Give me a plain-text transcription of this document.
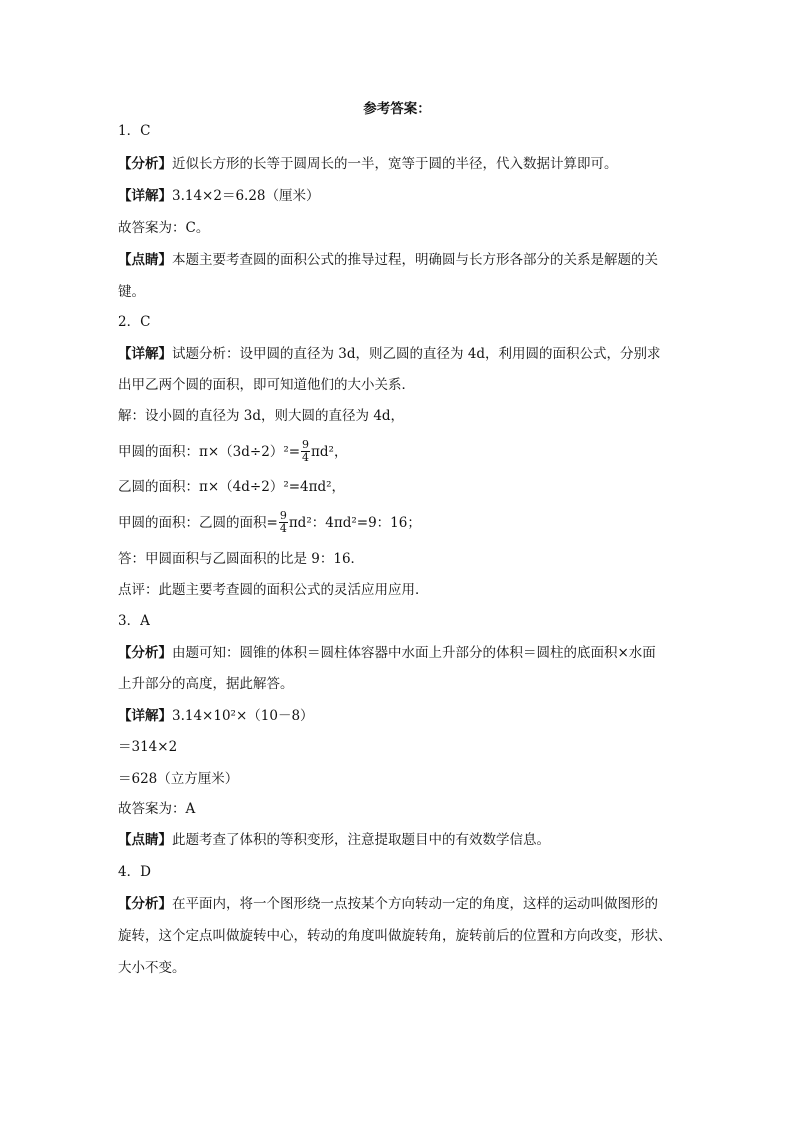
参考答案：
1．C
【分析】近似长方形的长等于圆周长的一半，宽等于圆的半径，代入数据计算即可。
【详解】3.14×2＝6.28（厘米）
故答案为：C。
【点睛】本题主要考查圆的面积公式的推导过程，明确圆与长方形各部分的关系是解题的关
键。
2．C
【详解】试题分析：设甲圆的直径为 3d，则乙圆的直径为 4d，利用圆的面积公式，分别求
出甲乙两个圆的面积，即可知道他们的大小关系．
解：设小圆的直径为 3d，则大圆的直径为 4d，
甲圆的面积：$\pi\times(3d\div 2)^2= \frac{9}{4} \pi d^2$，
乙圆的面积：π×（4d÷2）²=4πd²，
甲圆的面积：乙圆的面积= $\frac{9}{4} \pi d^2$：4πd²=9：16；
答：甲圆面积与乙圆面积的比是 9：16．
点评：此题主要考查圆的面积公式的灵活应用应用．
3．A
【分析】由题可知：圆锥的体积＝圆柱体容器中水面上升部分的体积＝圆柱的底面积×水面
上升部分的高度，据此解答。
【详解】3.14×10²×（10－8）
＝314×2
＝628（立方厘米）
故答案为：A
【点睛】此题考查了体积的等积变形，注意提取题目中的有效数学信息。
4．D
【分析】在平面内，将一个图形绕一点按某个方向转动一定的角度，这样的运动叫做图形的
旋转，这个定点叫做旋转中心，转动的角度叫做旋转角，旋转前后的位置和方向改变，形状、
大小不变。
